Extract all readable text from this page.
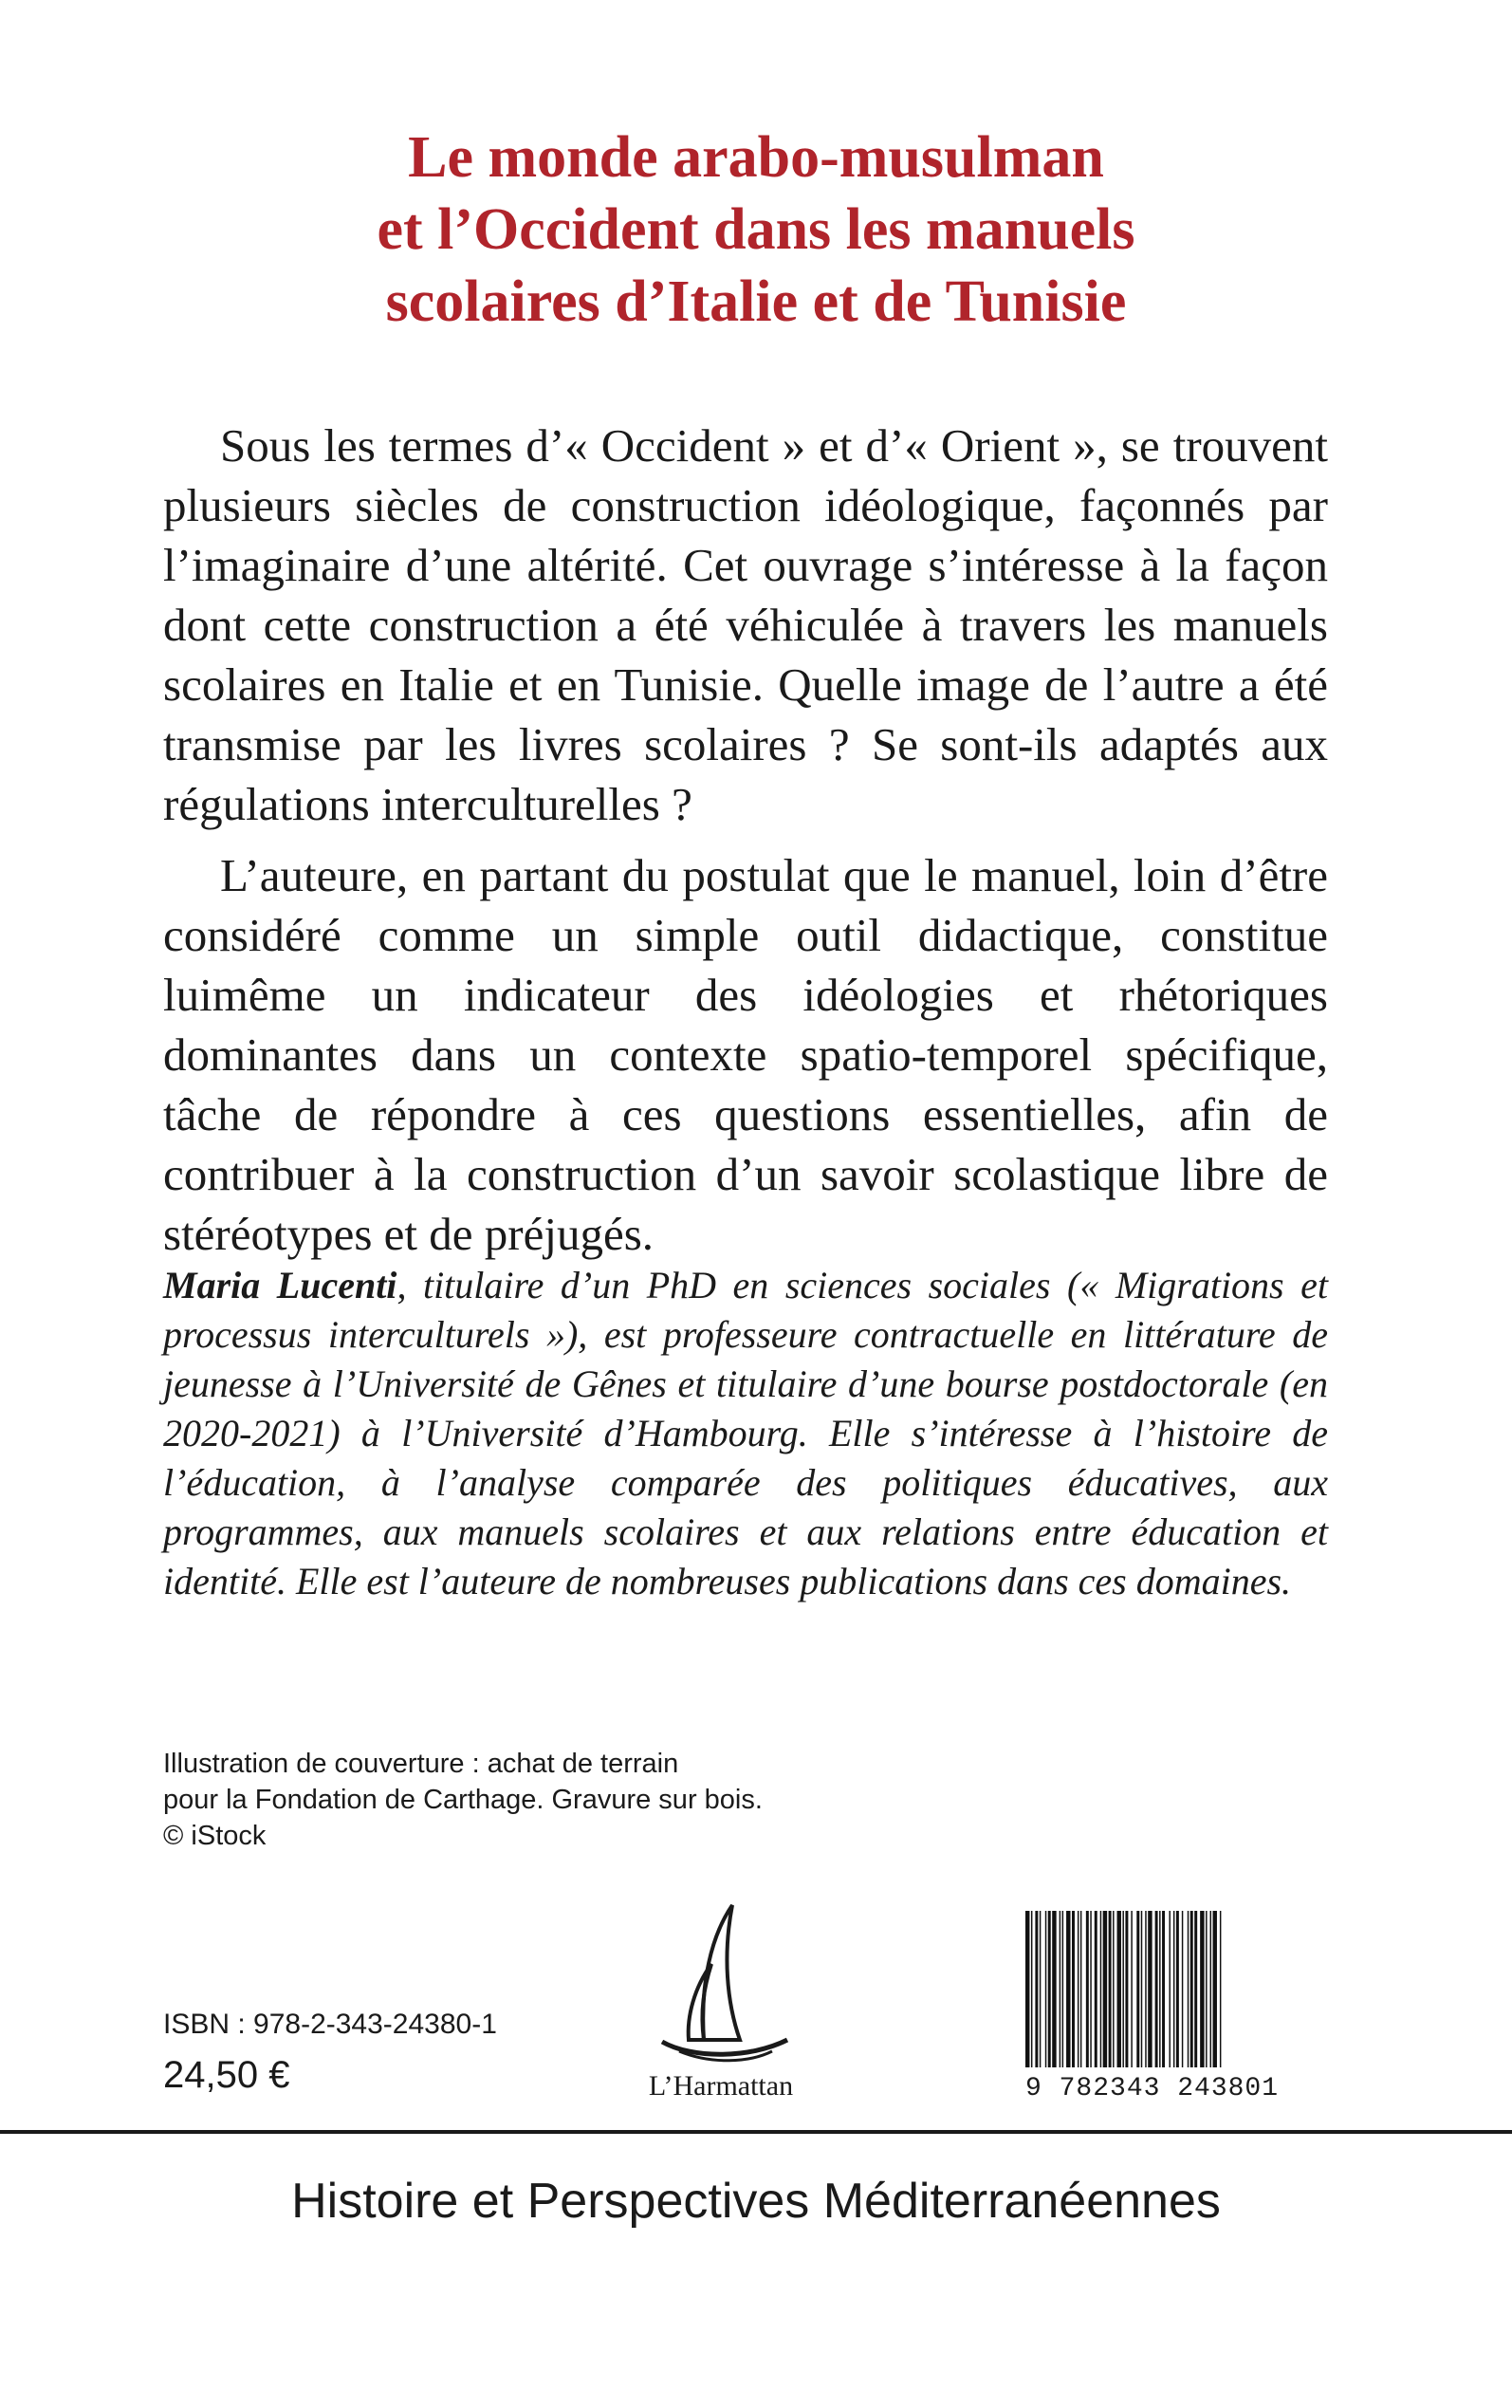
Le monde arabo-musulman
et l’Occident dans les manuels
scolaires d’Italie et de Tunisie

Sous les termes d’« Occident » et d’« Orient », se trouvent plusieurs siècles de construction idéologique, façonnés par l’imaginaire d’une altérité. Cet ouvrage s’intéresse à la façon dont cette construction a été véhiculée à travers les manuels scolaires en Italie et en Tunisie. Quelle image de l’autre a été transmise par les livres scolaires ? Se sont-ils adaptés aux régulations interculturelles ?

L’auteure, en partant du postulat que le manuel, loin d’être considéré comme un simple outil didactique, constitue luimême un indicateur des idéologies et rhétoriques dominantes dans un contexte spatio-temporel spécifique, tâche de répondre à ces questions essentielles, afin de contribuer à la construction d’un savoir scolastique libre de stéréotypes et de préjugés.

Maria Lucenti, titulaire d’un PhD en sciences sociales (« Migrations et processus interculturels »), est professeure contractuelle en littérature de jeunesse à l’Université de Gênes et titulaire d’une bourse postdoctorale (en 2020-2021) à l’Université d’Hambourg. Elle s’intéresse à l’histoire de l’éducation, à l’analyse comparée des politiques éducatives, aux programmes, aux manuels scolaires et aux relations entre éducation et identité. Elle est l’auteure de nombreuses publications dans ces domaines.
Illustration de couverture : achat de terrain
pour la Fondation de Carthage. Gravure sur bois.
© iStock
ISBN : 978-2-343-24380-1
24,50 €	L’Harmattan	9 782343 243801
Histoire et Perspectives Méditerranéennes
